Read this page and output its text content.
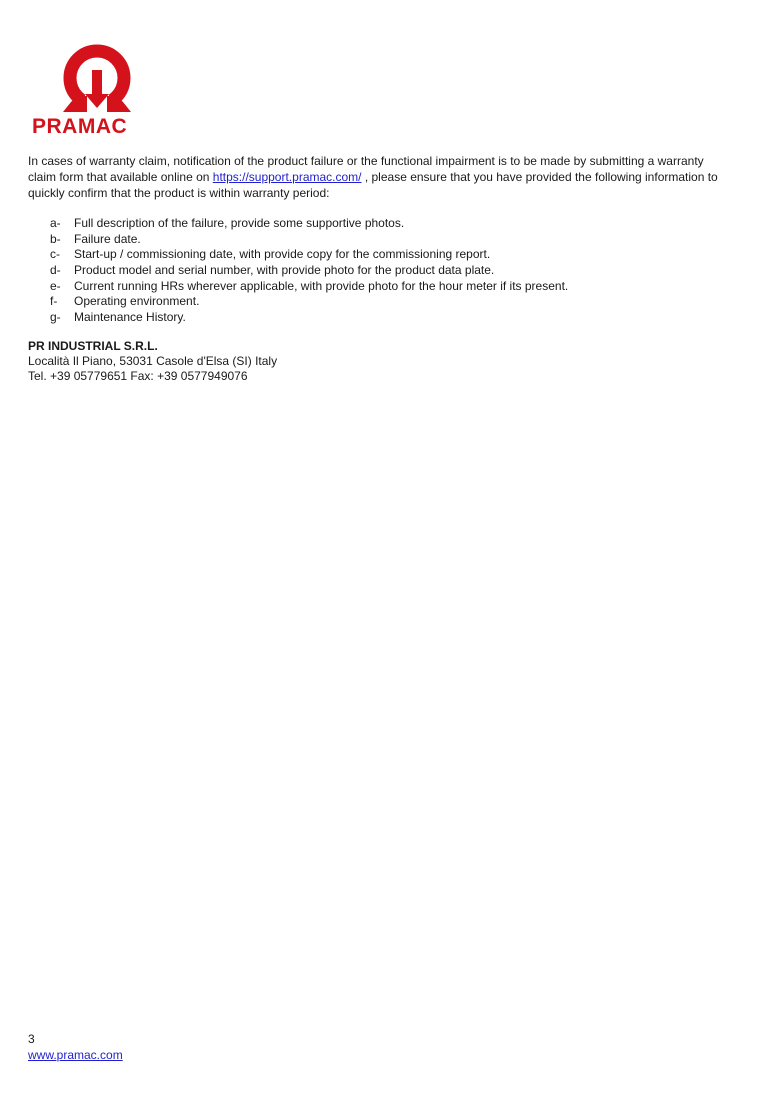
PRAMAC

In cases of warranty claim, notification of the product failure or the functional impairment is to be made by submitting a warranty claim form that available online on https://support.pramac.com/ , please ensure that you have provided the following information to quickly confirm that the product is within warranty period:

a- Full description of the failure, provide some supportive photos.
b- Failure date.
c- Start-up / commissioning date, with provide copy for the commissioning report.
d- Product model and serial number, with provide photo for the product data plate.
e- Current running HRs wherever applicable, with provide photo for the hour meter if its present.
f- Operating environment.
g- Maintenance History.
PR INDUSTRIAL S.R.L.
Località Il Piano, 53031 Casole d'Elsa (SI) Italy
Tel. +39 05779651 Fax: +39 0577949076
3
www.pramac.com
